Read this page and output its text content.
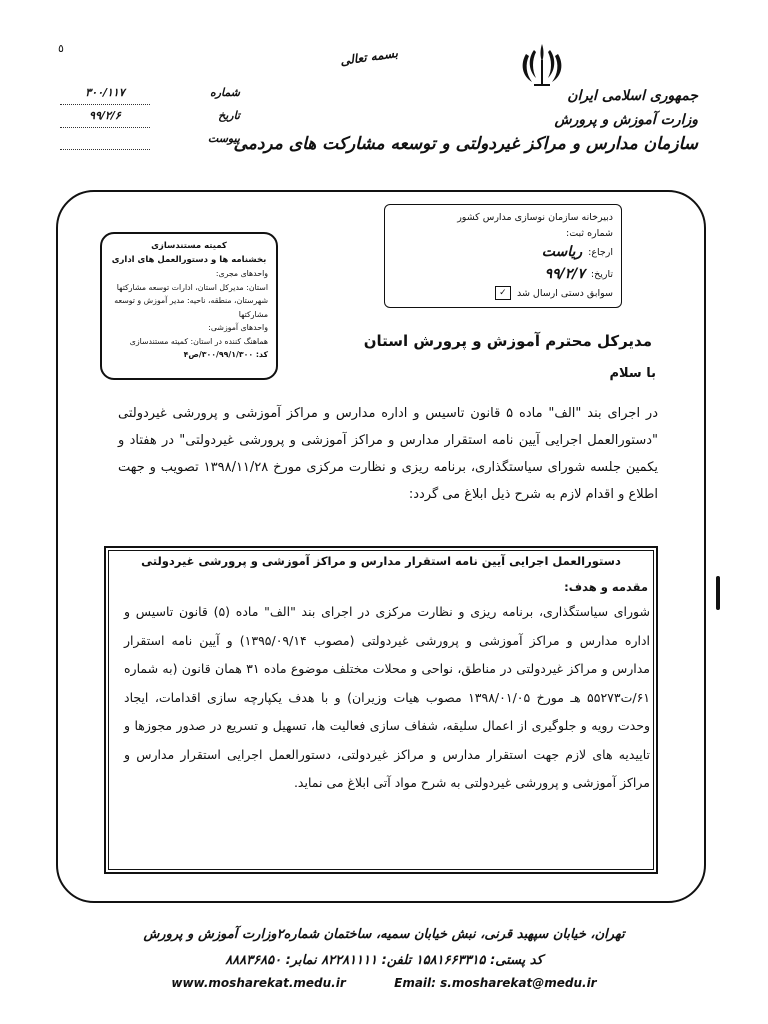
٥
شماره
۳۰۰/۱۱۷
تاریخ
۹۹/۲/۶
پیوست
بسمه تعالی
جمهوری اسلامی ایران
وزارت آموزش و پرورش
سازمان مدارس و مراکز غیردولتی و توسعه مشارکت های مردمی
دبیرخانه سازمان نوسازی مدارس کشور
شماره ثبت:
ارجاع:
ریاست
تاریخ:
۹۹/۲/۷
سوابق دستی ارسال شد
✓
کمیته مستندسازی
بخشنامه ها و دستورالعمل های اداری
واحدهای مجری:
استان: مدیرکل استان، ادارات توسعه مشارکتها
شهرستان، منطقه، ناحیه: مدیر آموزش و توسعه مشارکتها
واحدهای آموزشی:
هماهنگ کننده در استان: کمیته مستندسازی
کد: ۳۰۰/۹۹/۱/۳۰۰/ص۴
مدیرکل محترم آموزش و پرورش استان
با سلام
در اجرای بند "الف" ماده ۵ قانون تاسیس و اداره مدارس و مراکز آموزشی و پرورشی غیردولتی "دستورالعمل اجرایی آیین نامه استقرار مدارس و مراکز آموزشی و پرورشی غیردولتی" در هفتاد و یکمین جلسه شورای سیاستگذاری، برنامه ریزی و نظارت مرکزی مورخ ۱۳۹۸/۱۱/۲۸ تصویب و جهت اطلاع و اقدام لازم به شرح ذیل ابلاغ می گردد:
دستورالعمل اجرایی آیین نامه استقرار مدارس و مراکز آموزشی و پرورشی غیردولتی
مقدمه و هدف:
شورای سیاستگذاری، برنامه ریزی و نظارت مرکزی در اجرای بند "الف" ماده (۵) قانون تاسیس و اداره مدارس و مراکز آموزشی و پرورشی غیردولتی (مصوب ۱۳۹۵/۰۹/۱۴) و آیین نامه استقرار مدارس و مراکز غیردولتی در مناطق، نواحی و محلات مختلف موضوع ماده ۳۱ همان قانون (به شماره ۶۱/ت۵۵۲۷۳ هـ مورخ ۱۳۹۸/۰۱/۰۵ مصوب هیات وزیران) و با هدف یکپارچه سازی اقدامات، ایجاد وحدت رویه و جلوگیری از اعمال سلیقه، شفاف سازی فعالیت ها، تسهیل و تسریع در صدور مجوزها و تاییدیه های لازم جهت استقرار مدارس و مراکز غیردولتی، دستورالعمل اجرایی استقرار مدارس و مراکز آموزشی و پرورشی غیردولتی به شرح مواد آتی ابلاغ می نماید.
تهران، خیابان سپهبد قرنی، نبش خیابان سمیه، ساختمان شماره۲وزارت آموزش و پرورش
کد پستی: ۱۵۸۱۶۶۳۳۱۵ تلفن: ۸۲۲۸۱۱۱۱ نمابر: ۸۸۸۳۶۸۵۰
www.mosharekat.medu.ir	Email: s.mosharekat@medu.ir
